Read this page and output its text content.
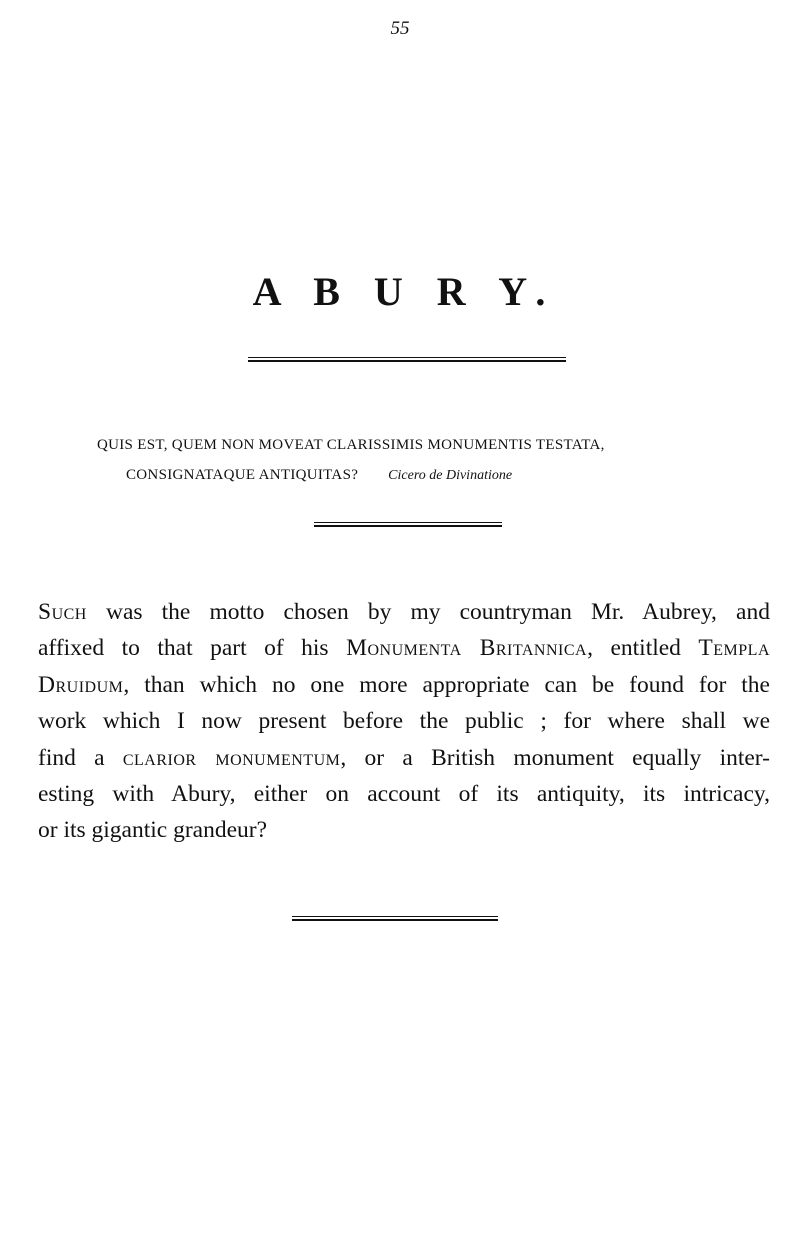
55
A B U R Y.
QUIS EST, QUEM NON MOVEAT CLARISSIMIS MONUMENTIS TESTATA,
CONSIGNATAQUE ANTIQUITAS? Cicero de Divinatione
Such was the motto chosen by my countryman Mr. Aubrey, and
affixed to that part of his Monumenta Britannica, entitled Templa
Druidum, than which no one more appropriate can be found for the
work which I now present before the public ; for where shall we
find a clarior monumentum, or a British monument equally inter-
esting with Abury, either on account of its antiquity, its intricacy,
or its gigantic grandeur?
